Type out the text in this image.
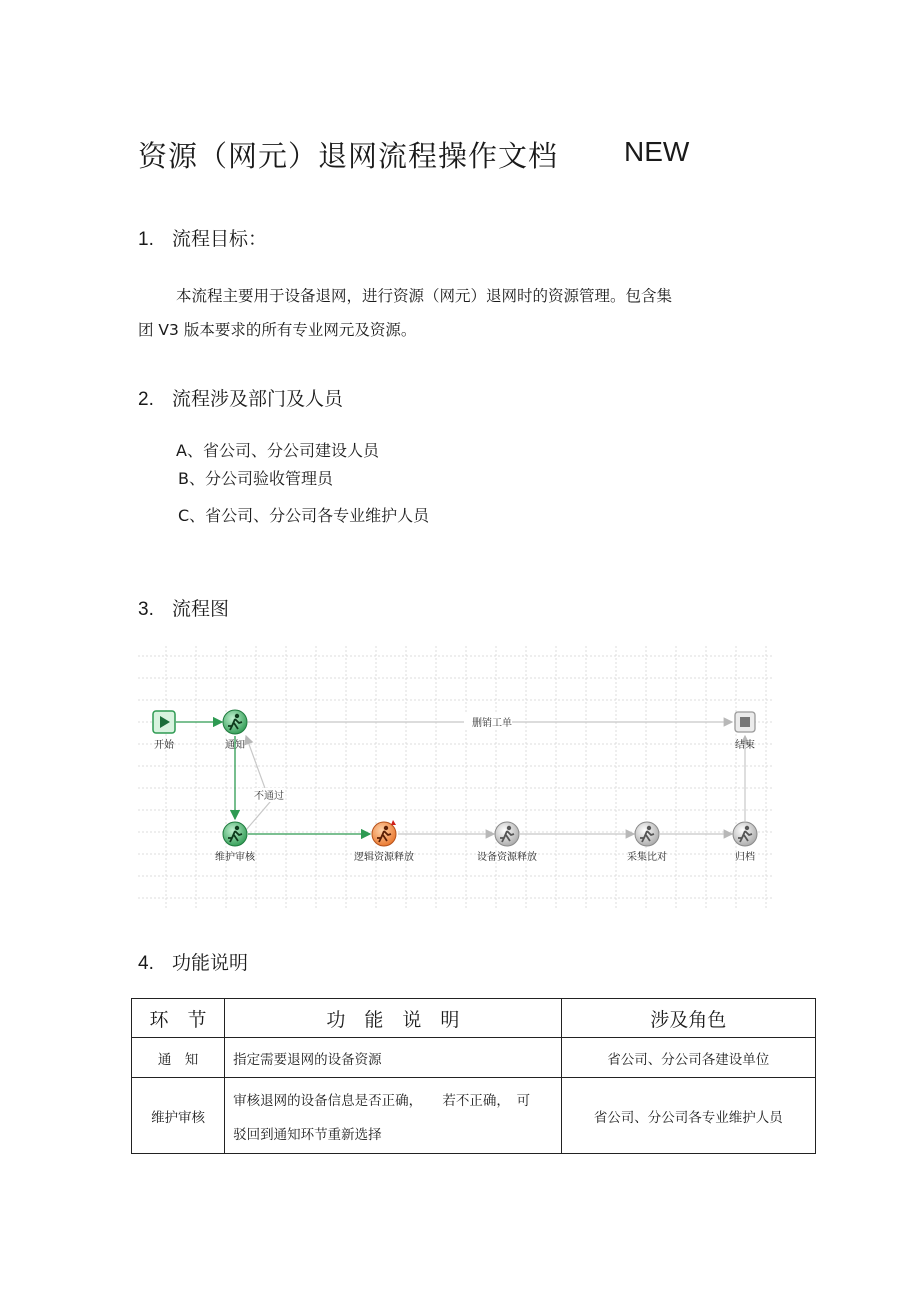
资源（网元）退网流程操作文档 NEW
1. 流程目标：
本流程主要用于设备退网，进行资源（网元）退网时的资源管理。包含集
团 V3 版本要求的所有专业网元及资源。
2. 流程涉及部门及人员
A、省公司、分公司建设人员
B、分公司验收管理员
C、省公司、分公司各专业维护人员
3. 流程图
删销工单
不通过
开始	通知	结束
维护审核	逻辑资源释放	设备资源释放	采集比对	归档
4. 功能说明
环　节	功　能　说　明	涉及角色
通　知	指定需要退网的设备资源	省公司、分公司各建设单位
维护审核	审核退网的设备信息是否正确，　　若不正确，　可
驳回到通知环节重新选择	省公司、分公司各专业维护人员
